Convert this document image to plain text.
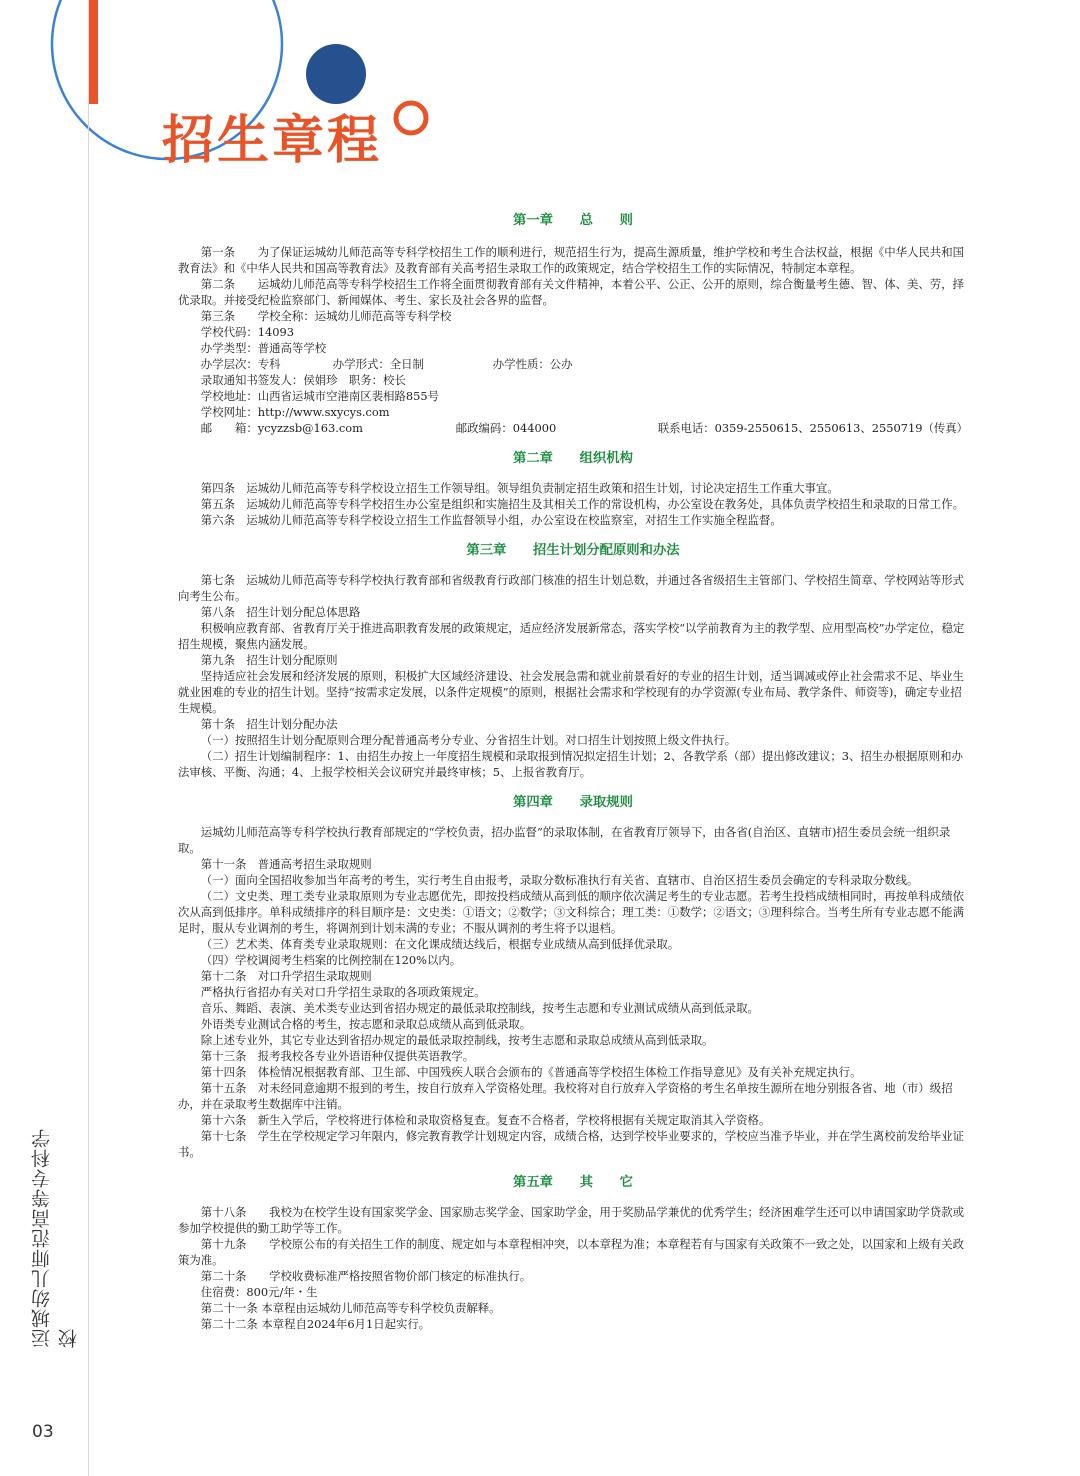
招生章程
运城幼儿师范高等专科学校
03
第一章　　总　　则

第一条　　为了保证运城幼儿师范高等专科学校招生工作的顺利进行，规范招生行为，提高生源质量，维护学校和考生合法权益，根据《中华人民共和国教育法》和《中华人民共和国高等教育法》及教育部有关高考招生录取工作的政策规定，结合学校招生工作的实际情况，特制定本章程。

第二条　　运城幼儿师范高等专科学校招生工作将全面贯彻教育部有关文件精神，本着公平、公正、公开的原则，综合衡量考生德、智、体、美、劳，择优录取。并接受纪检监察部门、新闻媒体、考生、家长及社会各界的监督。

第三条　　学校全称：运城幼儿师范高等专科学校

学校代码：14093

办学类型：普通高等学校

办学层次：专科	办学形式：全日制	办学性质：公办

录取通知书签发人：侯娟珍　职务：校长

学校地址：山西省运城市空港南区裴相路855号

学校网址：http://www.sxycys.com

邮　　箱：ycyzzsb@163.com	邮政编码：044000	联系电话：0359-2550615、2550613、2550719（传真）
第二章　　组织机构

第四条　运城幼儿师范高等专科学校设立招生工作领导组。领导组负责制定招生政策和招生计划，讨论决定招生工作重大事宜。

第五条　运城幼儿师范高等专科学校招生办公室是组织和实施招生及其相关工作的常设机构，办公室设在教务处，具体负责学校招生和录取的日常工作。

第六条　运城幼儿师范高等专科学校设立招生工作监督领导小组，办公室设在校监察室，对招生工作实施全程监督。

第三章　　招生计划分配原则和办法

第七条　运城幼儿师范高等专科学校执行教育部和省级教育行政部门核准的招生计划总数，并通过各省级招生主管部门、学校招生简章、学校网站等形式向考生公布。

第八条　招生计划分配总体思路

积极响应教育部、省教育厅关于推进高职教育发展的政策规定，适应经济发展新常态，落实学校“以学前教育为主的教学型、应用型高校”办学定位，稳定招生规模，聚焦内涵发展。

第九条　招生计划分配原则

坚持适应社会发展和经济发展的原则，积极扩大区域经济建设、社会发展急需和就业前景看好的专业的招生计划，适当调减或停止社会需求不足、毕业生就业困难的专业的招生计划。坚持“按需求定发展，以条件定规模”的原则，根据社会需求和学校现有的办学资源(专业布局、教学条件、师资等)，确定专业招生规模。

第十条　招生计划分配办法

（一）按照招生计划分配原则合理分配普通高考分专业、分省招生计划。对口招生计划按照上级文件执行。

（二）招生计划编制程序：1、由招生办按上一年度招生规模和录取报到情况拟定招生计划；2、各教学系（部）提出修改建议；3、招生办根据原则和办法审核、平衡、沟通；4、上报学校相关会议研究并最终审核；5、上报省教育厅。

第四章　　录取规则

运城幼儿师范高等专科学校执行教育部规定的“学校负责，招办监督”的录取体制，在省教育厅领导下，由各省(自治区、直辖市)招生委员会统一组织录取。

第十一条　普通高考招生录取规则

（一）面向全国招收参加当年高考的考生，实行考生自由报考，录取分数标准执行有关省、直辖市、自治区招生委员会确定的专科录取分数线。

（二）文史类、理工类专业录取原则为专业志愿优先，即按投档成绩从高到低的顺序依次满足考生的专业志愿。若考生投档成绩相同时，再按单科成绩依次从高到低排序。单科成绩排序的科目顺序是：文史类：①语文；②数学；③文科综合；理工类：①数学；②语文；③理科综合。当考生所有专业志愿不能满足时，服从专业调剂的考生，将调剂到计划未满的专业；不服从调剂的考生将予以退档。

（三）艺术类、体育类专业录取规则：在文化课成绩达线后，根据专业成绩从高到低择优录取。

（四）学校调阅考生档案的比例控制在120%以内。

第十二条　对口升学招生录取规则

严格执行省招办有关对口升学招生录取的各项政策规定。

音乐、舞蹈、表演、美术类专业达到省招办规定的最低录取控制线，按考生志愿和专业测试成绩从高到低录取。

外语类专业测试合格的考生，按志愿和录取总成绩从高到低录取。

除上述专业外，其它专业达到省招办规定的最低录取控制线，按考生志愿和录取总成绩从高到低录取。

第十三条　报考我校各专业外语语种仅提供英语教学。

第十四条　体检情况根据教育部、卫生部、中国残疾人联合会颁布的《普通高等学校招生体检工作指导意见》及有关补充规定执行。

第十五条　对未经同意逾期不报到的考生，按自行放弃入学资格处理。我校将对自行放弃入学资格的考生名单按生源所在地分别报各省、地（市）级招办，并在录取考生数据库中注销。

第十六条　新生入学后，学校将进行体检和录取资格复查。复查不合格者，学校将根据有关规定取消其入学资格。

第十七条　学生在学校规定学习年限内，修完教育教学计划规定内容，成绩合格，达到学校毕业要求的，学校应当准予毕业，并在学生离校前发给毕业证书。

第五章　　其　　它

第十八条　　我校为在校学生设有国家奖学金、国家励志奖学金、国家助学金，用于奖励品学兼优的优秀学生；经济困难学生还可以申请国家助学贷款或参加学校提供的勤工助学等工作。

第十九条　　学校原公布的有关招生工作的制度、规定如与本章程相冲突，以本章程为准；本章程若有与国家有关政策不一致之处，以国家和上级有关政策为准。

第二十条　　学校收费标准严格按照省物价部门核定的标准执行。

住宿费：800元/年・生

第二十一条 本章程由运城幼儿师范高等专科学校负责解释。

第二十二条 本章程自2024年6月1日起实行。
